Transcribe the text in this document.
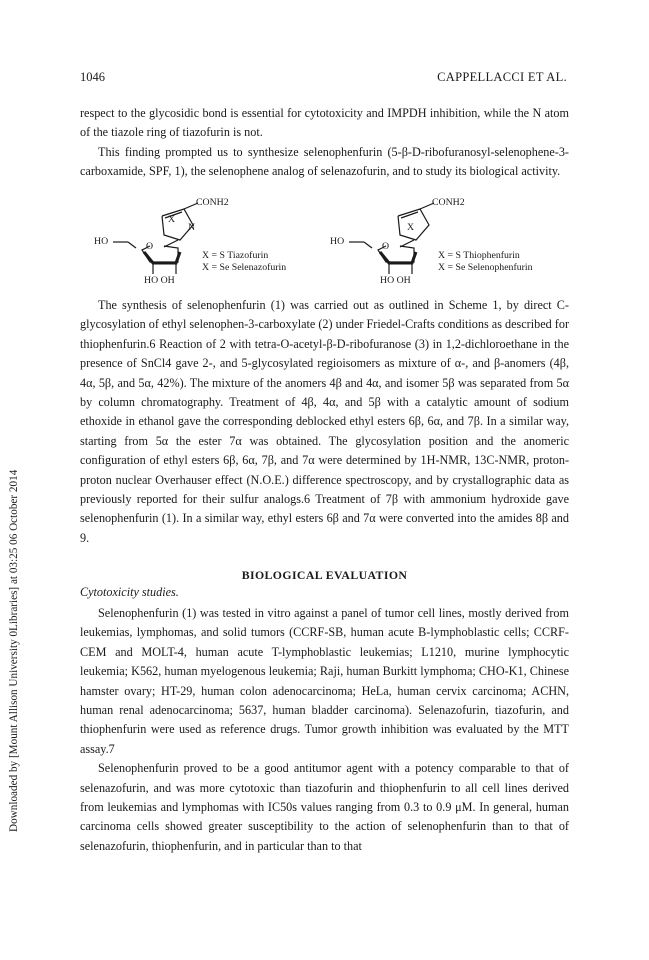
1046	CAPPELLACCI ET AL.
Downloaded by [Mount Allison University 0Libraries] at 03:25 06 October 2014

respect to the glycosidic bond is essential for cytotoxicity and IMPDH inhibition, while the N atom of the tiazole ring of tiazofurin is not.

This finding prompted us to synthesize selenophenfurin (5-β-D-ribofuranosyl-selenophene-3-carboxamide, SPF, 1), the selenophene analog of selenazofurin, and to study its biological activity.

CONH2
X
N
HO	O
HO OH
X = S Tiazofurin
X = Se Selenazofurin
CONH2
X
HO	O
HO OH
X = S Thiophenfurin
X = Se Selenophenfurin

The synthesis of selenophenfurin (1) was carried out as outlined in Scheme 1, by direct C-glycosylation of ethyl selenophen-3-carboxylate (2) under Friedel-Crafts conditions as described for thiophenfurin.6 Reaction of 2 with tetra-O-acetyl-β-D-ribofuranose (3) in 1,2-dichloroethane in the presence of SnCl4 gave 2-, and 5-glycosylated regioisomers as mixture of α-, and β-anomers (4β, 4α, 5β, and 5α, 42%). The mixture of the anomers 4β and 4α, and isomer 5β was separated from 5α by column chromatography. Treatment of 4β, 4α, and 5β with a catalytic amount of sodium ethoxide in ethanol gave the corresponding deblocked ethyl esters 6β, 6α, and 7β. In a similar way, starting from 5α the ester 7α was obtained. The glycosylation position and the anomeric configuration of ethyl esters 6β, 6α, 7β, and 7α were determined by 1H-NMR, 13C-NMR, proton-proton nuclear Overhauser effect (N.O.E.) difference spectroscopy, and by crystallographic data as previously reported for their sulfur analogs.6 Treatment of 7β with ammonium hydroxide gave selenophenfurin (1). In a similar way, ethyl esters 6β and 7α were converted into the amides 8β and 9.

BIOLOGICAL EVALUATION
Cytotoxicity studies.

Selenophenfurin (1) was tested in vitro against a panel of tumor cell lines, mostly derived from leukemias, lymphomas, and solid tumors (CCRF-SB, human acute B-lymphoblastic cells; CCRF-CEM and MOLT-4, human acute T-lymphoblastic leukemias; L1210, murine lymphocytic leukemia; K562, human myelogenous leukemia; Raji, human Burkitt lymphoma; CHO-K1, Chinese hamster ovary; HT-29, human colon adenocarcinoma; HeLa, human cervix carcinoma; ACHN, human renal adenocarcinoma; 5637, human bladder carcinoma). Selenazofurin, tiazofurin, and thiophenfurin were used as reference drugs. Tumor growth inhibition was evaluated by the MTT assay.7

Selenophenfurin proved to be a good antitumor agent with a potency comparable to that of selenazofurin, and was more cytotoxic than tiazofurin and thiophenfurin to all cell lines derived from leukemias and lymphomas with IC50s values ranging from 0.3 to 0.9 μM. In general, human carcinoma cells showed greater susceptibility to the action of selenophenfurin than to that of selenazofurin, thiophenfurin, and in particular than to that
